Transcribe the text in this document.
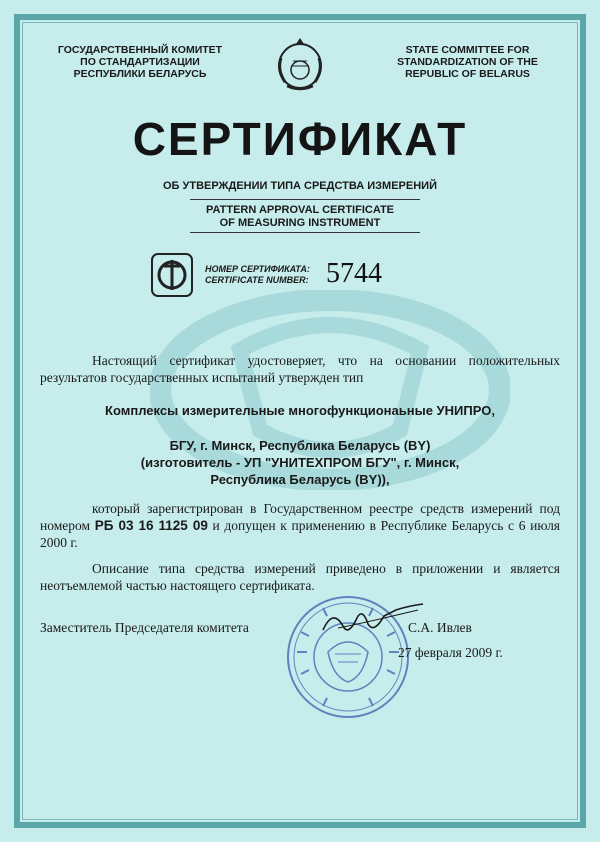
ГОСУДАРСТВЕННЫЙ КОМИТЕТ
ПО СТАНДАРТИЗАЦИИ
РЕСПУБЛИКИ БЕЛАРУСЬ
STATE COMMITTEE FOR
STANDARDIZATION OF THE
REPUBLIC OF BELARUS
СЕРТИФИКАТ
ОБ УТВЕРЖДЕНИИ ТИПА СРЕДСТВА ИЗМЕРЕНИЙ
PATTERN APPROVAL CERTIFICATE
OF MEASURING INSTRUMENT
НОМЕР СЕРТИФИКАТА:
CERTIFICATE NUMBER: 5744
Настоящий сертификат удостоверяет, что на основании положительных результатов государственных испытаний утвержден тип
Комплексы измерительные многофункционаьные УНИПРО,
БГУ, г. Минск, Республика Беларусь (BY)
(изготовитель - УП "УНИТЕХПРОМ БГУ", г. Минск,
Республика Беларусь (BY)),
который зарегистрирован в Государственном реестре средств измерений под номером РБ 03 16 1125 09 и допущен к применению в Республике Беларусь с 6 июля 2000 г.
Описание типа средства измерений приведено в приложении и является неотъемлемой частью настоящего сертификата.
Заместитель Председателя комитета	С.А. Ивлев
27 февраля 2009 г.
